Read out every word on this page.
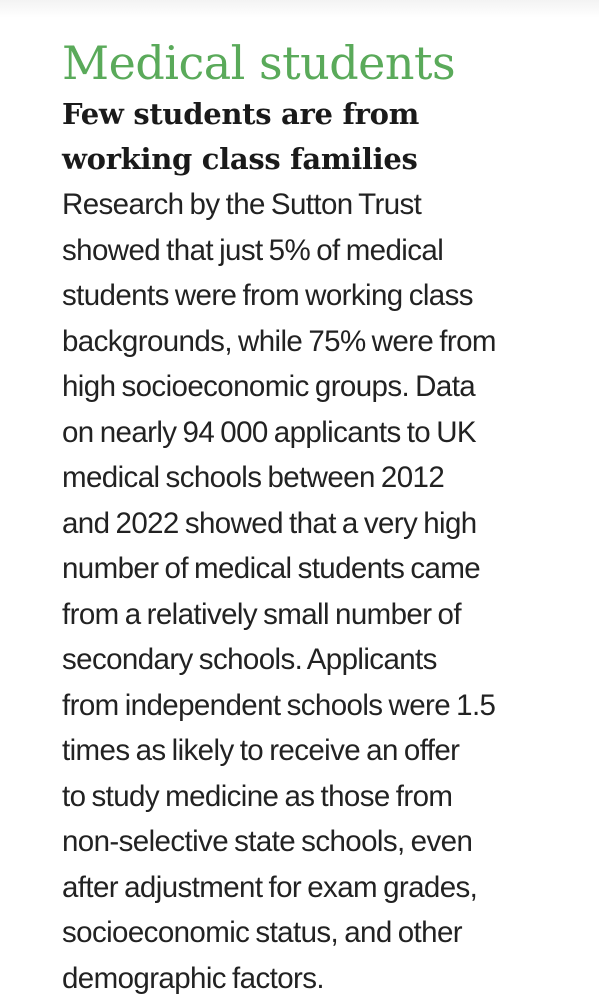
Medical students
Few students are from working class families

Research by the Sutton Trust
showed that just 5% of medical
students were from working class
backgrounds, while 75% were from
high socioeconomic groups. Data
on nearly 94 000 applicants to UK
medical schools between 2012
and 2022 showed that a very high
number of medical students came
from a relatively small number of
secondary schools. Applicants
from independent schools were 1.5
times as likely to receive an offer
to study medicine as those from
non-selective state schools, even
after adjustment for exam grades,
socioeconomic status, and other
demographic factors.
